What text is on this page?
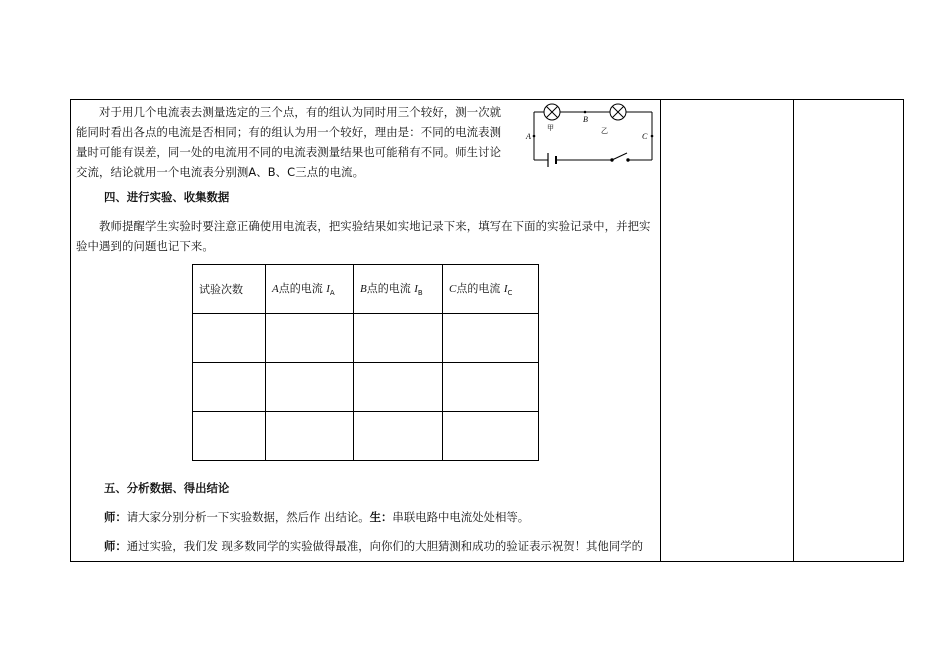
对于用几个电流表去测量选定的三个点，有的组认为同时用三个较好，测一次就能同时看出各点的电流是否相同；有的组认为用一个较好，理由是：不同的电流表测量时可能有误差，同一处的电流用不同的电流表测量结果也可能稍有不同。师生讨论交流，结论就用一个电流表分别测A、B、C三点的电流。

B
A	C
甲	乙

四、进行实验、收集数据

教师提醒学生实验时要注意正确使用电流表，把实验结果如实地记录下来，填写在下面的实验记录中，并把实验中遇到的问题也记下来。

试验次数	A点的电流 $I_A$	B点的电流 $I_B$	C点的电流 $I_C$

五、分析数据、得出结论

师：请大家分别分析一下实验数据，然后作 出结论。生：串联电路中电流处处相等。

师：通过实验，我们发 现多数同学的实验做得最准，向你们的大胆猜测和成功的验证表示祝贺！其他同学的
